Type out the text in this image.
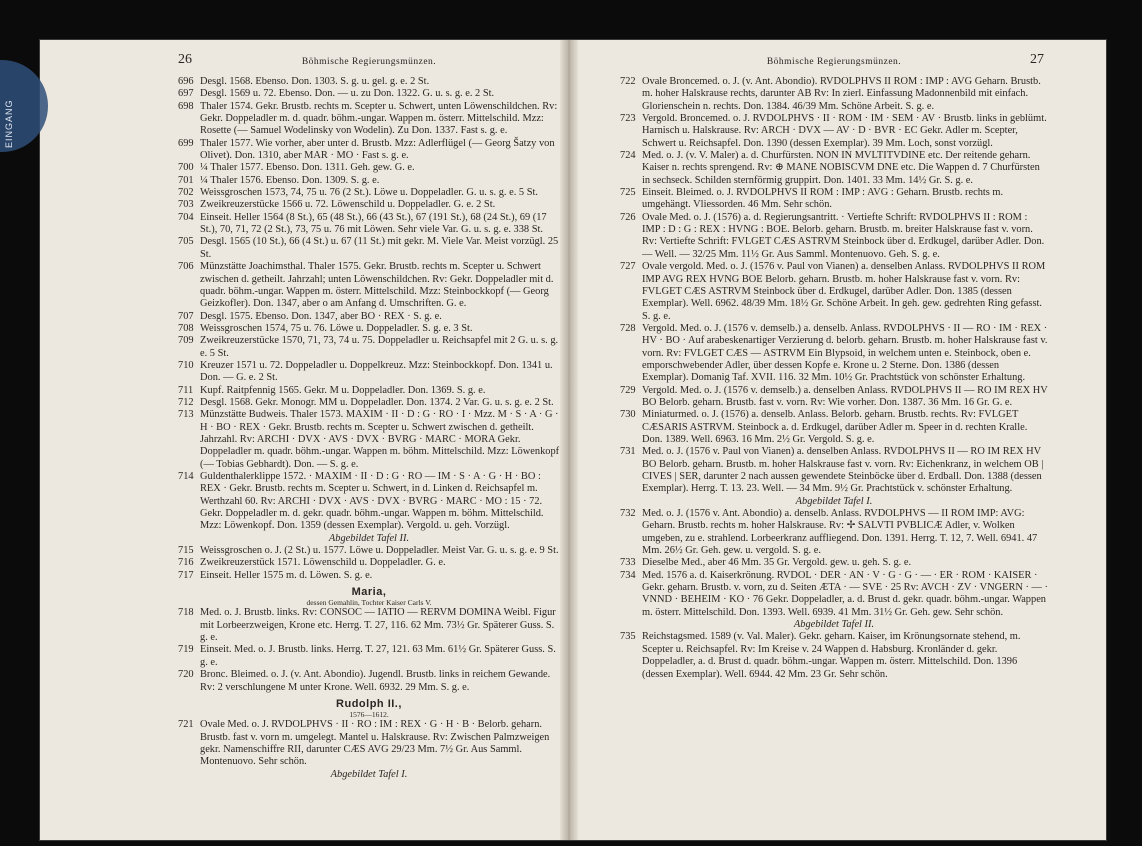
EINGANG
26	Böhmische Regierungsmünzen.

696 Desgl. 1568. Ebenso. Don. 1303. S. g. u. gel. g. e. 2 St.

697 Desgl. 1569 u. 72. Ebenso. Don. — u. zu Don. 1322. G. u. s. g. e. 2 St.

698 Thaler 1574. Gekr. Brustb. rechts m. Scepter u. Schwert, unten Löwenschildchen. Rv: Gekr. Doppeladler m. d. quadr. böhm.-ungar. Wappen m. österr. Mittelschild. Mzz: Rosette (— Samuel Wodelinsky von Wodelin). Zu Don. 1337. Fast s. g. e.

699 Thaler 1577. Wie vorher, aber unter d. Brustb. Mzz: Adlerflügel (— Georg Šatzy von Olivet). Don. 1310, aber MAR · MO · Fast s. g. e.

700 ¼ Thaler 1577. Ebenso. Don. 1311. Geh. gew. G. e.

701 ¼ Thaler 1576. Ebenso. Don. 1309. S. g. e.

702 Weissgroschen 1573, 74, 75 u. 76 (2 St.). Löwe u. Doppeladler. G. u. s. g. e. 5 St.

703 Zweikreuzerstücke 1566 u. 72. Löwenschild u. Doppeladler. G. e. 2 St.

704 Einseit. Heller 1564 (8 St.), 65 (48 St.), 66 (43 St.), 67 (191 St.), 68 (24 St.), 69 (17 St.), 70, 71, 72 (2 St.), 73, 75 u. 76 mit Löwen. Sehr viele Var. G. u. s. g. e. 338 St.

705 Desgl. 1565 (10 St.), 66 (4 St.) u. 67 (11 St.) mit gekr. M. Viele Var. Meist vorzügl. 25 St.

706 Münzstätte Joachimsthal. Thaler 1575. Gekr. Brustb. rechts m. Scepter u. Schwert zwischen d. getheilt. Jahrzahl; unten Löwenschildchen. Rv: Gekr. Doppeladler mit d. quadr. böhm.-ungar. Wappen m. österr. Mittelschild. Mzz: Steinbockkopf (— Georg Geizkofler). Don. 1347, aber o am Anfang d. Umschriften. G. e.

707 Desgl. 1575. Ebenso. Don. 1347, aber BO · REX · S. g. e.

708 Weissgroschen 1574, 75 u. 76. Löwe u. Doppeladler. S. g. e. 3 St.

709 Zweikreuzerstücke 1570, 71, 73, 74 u. 75. Doppeladler u. Reichsapfel mit 2 G. u. s. g. e. 5 St.

710 Kreuzer 1571 u. 72. Doppeladler u. Doppelkreuz. Mzz: Steinbockkopf. Don. 1341 u. Don. — G. e. 2 St.

711 Kupf. Raitpfennig 1565. Gekr. M u. Doppeladler. Don. 1369. S. g. e.

712 Desgl. 1568. Gekr. Monogr. MM u. Doppeladler. Don. 1374. 2 Var. G. u. s. g. e. 2 St.

713 Münzstätte Budweis. Thaler 1573. MAXIM · II · D : G · RO · I · Mzz. M · S · A · G · H · BO · REX · Gekr. Brustb. rechts m. Scepter u. Schwert zwischen d. getheilt. Jahrzahl. Rv: ARCHI · DVX · AVS · DVX · BVRG · MARC · MORA Gekr. Doppeladler m. quadr. böhm.-ungar. Wappen m. böhm. Mittelschild. Mzz: Löwenkopf (— Tobias Gebhardt). Don. — S. g. e.

714 Guldenthalerklippe 1572. · MAXIM · II · D : G · RO — IM · S · A · G · H · BO : REX · Gekr. Brustb. rechts m. Scepter u. Schwert, in d. Linken d. Reichsapfel m. Werthzahl 60. Rv: ARCHI · DVX · AVS · DVX · BVRG · MARC · MO : 15 · 72. Gekr. Doppeladler m. d. gekr. quadr. böhm.-ungar. Wappen m. böhm. Mittelschild. Mzz: Löwenkopf. Don. 1359 (dessen Exemplar). Vergold. u. geh. Vorzügl.

Abgebildet Tafel II.

715 Weissgroschen o. J. (2 St.) u. 1577. Löwe u. Doppeladler. Meist Var. G. u. s. g. e. 9 St.

716 Zweikreuzerstück 1571. Löwenschild u. Doppeladler. G. e.

717 Einseit. Heller 1575 m. d. Löwen. S. g. e.

Maria,
dessen Gemahlin, Tochter Kaiser Carls V.

718 Med. o. J. Brustb. links. Rv: CONSOC — IATIO — RERVM DOMINA Weibl. Figur mit Lorbeerzweigen, Krone etc. Herrg. T. 27, 116. 62 Mm. 73½ Gr. Späterer Guss. S. g. e.

719 Einseit. Med. o. J. Brustb. links. Herrg. T. 27, 121. 63 Mm. 61½ Gr. Späterer Guss. S. g. e.

720 Bronc. Bleimed. o. J. (v. Ant. Abondio). Jugendl. Brustb. links in reichem Gewande. Rv: 2 verschlungene M unter Krone. Well. 6932. 29 Mm. S. g. e.

Rudolph II.,
1576—1612.

721 Ovale Med. o. J. RVDOLPHVS · II · RO : IM : REX · G · H · B · Belorb. geharn. Brustb. fast v. vorn m. umgelegt. Mantel u. Halskrause. Rv: Zwischen Palmzweigen gekr. Namenschiffre RII, darunter CÆS AVG 29/23 Mm. 7½ Gr. Aus Samml. Montenuovo. Sehr schön.

Abgebildet Tafel I.

27
Böhmische Regierungsmünzen.

722 Ovale Broncemed. o. J. (v. Ant. Abondio). RVDOLPHVS II ROM : IMP : AVG Geharn. Brustb. m. hoher Halskrause rechts, darunter AB Rv: In zierl. Einfassung Madonnenbild mit einfach. Glorienschein n. rechts. Don. 1384. 46/39 Mm. Schöne Arbeit. S. g. e.

723 Vergold. Broncemed. o. J. RVDOLPHVS · II · ROM · IM · SEM · AV · Brustb. links in geblümt. Harnisch u. Halskrause. Rv: ARCH · DVX — AV · D · BVR · EC Gekr. Adler m. Scepter, Schwert u. Reichsapfel. Don. 1390 (dessen Exemplar). 39 Mm. Loch, sonst vorzügl.

724 Med. o. J. (v. V. Maler) a. d. Churfürsten. NON IN MVLTITVDINE etc. Der reitende geharn. Kaiser n. rechts sprengend. Rv: ⊕ MANE NOBISCVM DNE etc. Die Wappen d. 7 Churfürsten in sechseck. Schilden sternförmig gruppirt. Don. 1401. 33 Mm. 14½ Gr. S. g. e.

725 Einseit. Bleimed. o. J. RVDOLPHVS II ROM : IMP : AVG : Geharn. Brustb. rechts m. umgehängt. Vliessorden. 46 Mm. Sehr schön.

726 Ovale Med. o. J. (1576) a. d. Regierungsantritt. · Vertiefte Schrift: RVDOLPHVS II : ROM : IMP : D : G : REX : HVNG : BOE. Belorb. geharn. Brustb. m. breiter Halskrause fast v. vorn. Rv: Vertiefte Schrift: FVLGET CÆS ASTRVM Steinbock über d. Erdkugel, darüber Adler. Don. — Well. — 32/25 Mm. 11½ Gr. Aus Samml. Montenuovo. Geh. S. g. e.

727 Ovale vergold. Med. o. J. (1576 v. Paul von Vianen) a. denselben Anlass. RVDOLPHVS II ROM IMP AVG REX HVNG BOE Belorb. geharn. Brustb. m. hoher Halskrause fast v. vorn. Rv: FVLGET CÆS ASTRVM Steinbock über d. Erdkugel, darüber Adler. Don. 1385 (dessen Exemplar). Well. 6962. 48/39 Mm. 18½ Gr. Schöne Arbeit. In geh. gew. gedrehten Ring gefasst. S. g. e.

728 Vergold. Med. o. J. (1576 v. demselb.) a. denselb. Anlass. RVDOLPHVS · II — RO · IM · REX · HV · BO · Auf arabeskenartiger Verzierung d. belorb. geharn. Brustb. m. hoher Halskrause fast v. vorn. Rv: FVLGET CÆS — ASTRVM Ein Blypsoid, in welchem unten e. Steinbock, oben e. emporschwebender Adler, über dessen Kopfe e. Krone u. 2 Sterne. Don. 1386 (dessen Exemplar). Domanig Taf. XVII. 116. 32 Mm. 10½ Gr. Prachtstück von schönster Erhaltung.

729 Vergold. Med. o. J. (1576 v. demselb.) a. denselben Anlass. RVDOLPHVS II — RO IM REX HV BO Belorb. geharn. Brustb. fast v. vorn. Rv: Wie vorher. Don. 1387. 36 Mm. 16 Gr. G. e.

730 Miniaturmed. o. J. (1576) a. denselb. Anlass. Belorb. geharn. Brustb. rechts. Rv: FVLGET CÆSARIS ASTRVM. Steinbock a. d. Erdkugel, darüber Adler m. Speer in d. rechten Kralle. Don. 1389. Well. 6963. 16 Mm. 2½ Gr. Vergold. S. g. e.

731 Med. o. J. (1576 v. Paul von Vianen) a. denselben Anlass. RVDOLPHVS II — RO IM REX HV BO Belorb. geharn. Brustb. m. hoher Halskrause fast v. vorn. Rv: Eichenkranz, in welchem OB | CIVES | SER, darunter 2 nach aussen gewendete Steinböcke über d. Erdball. Don. 1388 (dessen Exemplar). Herrg. T. 13. 23. Well. — 34 Mm. 9½ Gr. Prachtstück v. schönster Erhaltung.

Abgebildet Tafel I.

732 Med. o. J. (1576 v. Ant. Abondio) a. denselb. Anlass. RVDOLPHVS — II ROM IMP: AVG: Geharn. Brustb. rechts m. hoher Halskrause. Rv: ✢ SALVTI PVBLICÆ Adler, v. Wolken umgeben, zu e. strahlend. Lorbeerkranz auffliegend. Don. 1391. Herrg. T. 12, 7. Well. 6941. 47 Mm. 26½ Gr. Geh. gew. u. vergold. S. g. e.

733 Dieselbe Med., aber 46 Mm. 35 Gr. Vergold. gew. u. geh. S. g. e.

734 Med. 1576 a. d. Kaiserkrönung. RVDOL · DER · AN · V · G · G · — · ER · ROM · KAISER · Gekr. geharn. Brustb. v. vorn, zu d. Seiten ÆTA · — SVE · 25 Rv: AVCH · ZV · VNGERN · — · VNND · BEHEIM · KO · 76 Gekr. Doppeladler, a. d. Brust d. gekr. quadr. böhm.-ungar. Wappen m. österr. Mittelschild. Don. 1393. Well. 6939. 41 Mm. 31½ Gr. Geh. gew. Sehr schön.

Abgebildet Tafel II.

735 Reichstagsmed. 1589 (v. Val. Maler). Gekr. geharn. Kaiser, im Krönungsornate stehend, m. Scepter u. Reichsapfel. Rv: Im Kreise v. 24 Wappen d. Habsburg. Kronländer d. gekr. Doppeladler, a. d. Brust d. quadr. böhm.-ungar. Wappen m. österr. Mittelschild. Don. 1396 (dessen Exemplar). Well. 6944. 42 Mm. 23 Gr. Sehr schön.
